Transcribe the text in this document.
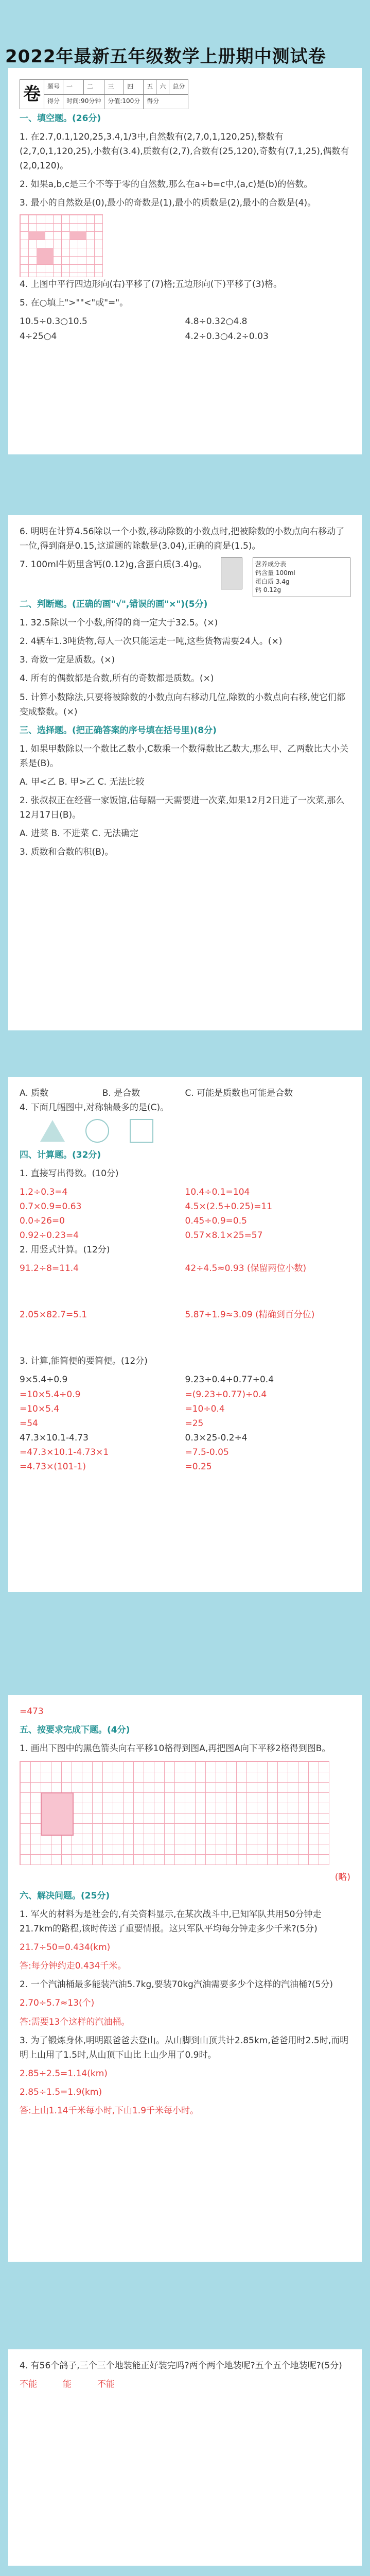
2022年最新五年级数学上册期中测试卷
卷	题号	一	二	三	四	五	六	总分
	得分	时间:90分钟		分值:100分		得分		

一、填空题。(26分)

1. 在2.7,0.1,120,25,3.4,1/3中,自然数有(2,7,0,1,120,25),整数有(2,7,0,1,120,25),小数有(3.4),质数有(2,7),合数有(25,120),奇数有(7,1,25),偶数有(2,0,120)。

2. 如果a,b,c是三个不等于零的自然数,那么在a÷b=c中,(a,c)是(b)的倍数。

3. 最小的自然数是(0),最小的奇数是(1),最小的质数是(2),最小的合数是(4)。

4. 上图中平行四边形向(右)平移了(7)格;五边形向(下)平移了(3)格。

5. 在○填上">""<"或"="。

10.5÷0.3○10.5	4.8÷0.32○4.8
4÷25○4	4.2÷0.3○4.2÷0.03

6. 明明在计算4.56除以一个小数,移动除数的小数点时,把被除数的小数点向右移动了一位,得到商是0.15,这道题的除数是(3.04),正确的商是(1.5)。

7. 100ml牛奶里含钙(0.12)g,含蛋白质(3.4)g。	营养成分表
钙含量 100ml
蛋白质 3.4g
钙 0.12g

二、判断题。(正确的画"√",错误的画"×")(5分)

1. 32.5除以一个小数,所得的商一定大于32.5。(×)

2. 4辆车1.3吨货物,每人一次只能运走一吨,这些货物需要24人。(×)

3. 奇数一定是质数。(×)

4. 所有的偶数都是合数,所有的奇数都是质数。(×)

5. 计算小数除法,只要将被除数的小数点向右移动几位,除数的小数点向右移,使它们都变成整数。(×)

三、选择题。(把正确答案的序号填在括号里)(8分)

1. 如果甲数除以一个数比乙数小,C数乘一个数得数比乙数大,那么甲、乙两数比大小关系是(B)。

A. 甲<乙 B. 甲>乙 C. 无法比较

2. 张叔叔正在经营一家饭馆,估每隔一天需要进一次菜,如果12月2日进了一次菜,那么12月17日(B)。

A. 进菜 B. 不进菜 C. 无法确定

3. 质数和合数的积(B)。

A. 质数	B. 是合数	C. 可能是质数也可能是合数

4. 下面几幅图中,对称轴最多的是(C)。

四、计算题。(32分)

1. 直接写出得数。(10分)

1.2÷0.3=4	10.4÷0.1=104
0.7×0.9=0.63	4.5×(2.5+0.25)=11
0.0÷26=0	0.45÷0.9=0.5
0.92÷0.23=4	0.57×8.1×25=57

2. 用竖式计算。(12分)

91.2÷8=11.4	42÷4.5≈0.93 (保留两位小数)
2.05×82.7=5.1	5.87÷1.9≈3.09 (精确到百分位)

3. 计算,能简便的要简便。(12分)

9×5.4÷0.9	9.23÷0.4+0.77÷0.4
=10×5.4÷0.9	=(9.23+0.77)÷0.4
=10×5.4	=10÷0.4
=54	=25
47.3×10.1-4.73	0.3×25-0.2÷4
=47.3×10.1-4.73×1	=7.5-0.05
=4.73×(101-1)	=0.25

=473

五、按要求完成下题。(4分)

1. 画出下图中的黑色箭头向右平移10格得到图A,再把图A向下平移2格得到图B。

(略)

六、解决问题。(25分)

1. 军火的材料为是社会的,有关资料显示,在某次战斗中,已知军队共用50分钟走21.7km的路程,该时传送了重要情报。这只军队平均每分钟走多少千米?(5分)

21.7÷50=0.434(km)

答:每分钟约走0.434千米。

2. 一个汽油桶最多能装汽油5.7kg,要装70kg汽油需要多少个这样的汽油桶?(5分)

2.70÷5.7≈13(个)

答:需要13个这样的汽油桶。

3. 为了锻炼身体,明明跟爸爸去登山。从山脚到山顶共计2.85km,爸爸用时2.5时,而明明上山用了1.5时,从山顶下山比上山少用了0.9时。

2.85÷2.5=1.14(km)

2.85÷1.5=1.9(km)

答:上山1.14千米每小时,下山1.9千米每小时。

4. 有56个鸽子,三个三个地装能正好装完吗?两个两个地装呢?五个五个地装呢?(5分)

不能	能	不能
